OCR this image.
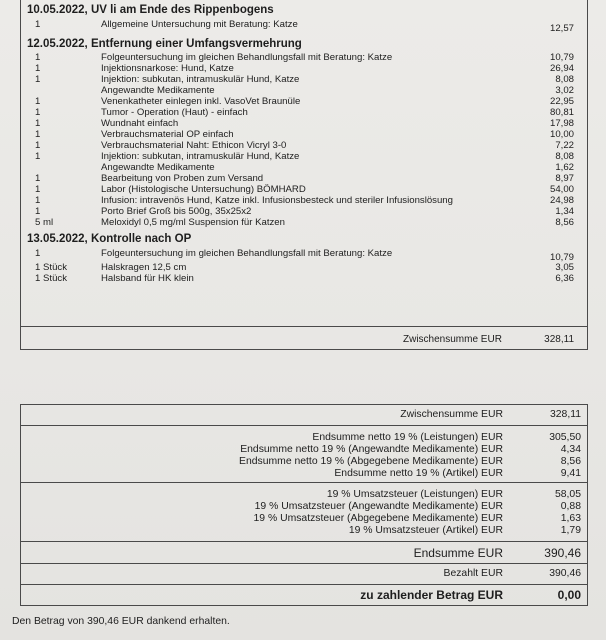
10.05.2022, UV li am Ende des Rippenbogens
1	Allgemeine Untersuchung mit Beratung: Katze	12,57
12.05.2022, Entfernung einer Umfangsvermehrung
1	Folgeuntersuchung im gleichen Behandlungsfall mit Beratung: Katze	10,79
1	Injektionsnarkose: Hund, Katze	26,94
1	Injektion: subkutan, intramuskulär Hund, Katze	8,08
Angewandte Medikamente	3,02
1	Venenkatheter einlegen inkl. VasoVet Braunüle	22,95
1	Tumor - Operation (Haut) - einfach	80,81
1	Wundnaht einfach	17,98
1	Verbrauchsmaterial OP einfach	10,00
1	Verbrauchsmaterial Naht: Ethicon Vicryl 3-0	7,22
1	Injektion: subkutan, intramuskulär Hund, Katze	8,08
Angewandte Medikamente	1,62
1	Bearbeitung von Proben zum Versand	8,97
1	Labor (Histologische Untersuchung) BÖMHARD	54,00
1	Infusion: intravenös Hund, Katze inkl. Infusionsbesteck und steriler Infusionslösung	24,98
1	Porto Brief Groß bis 500g, 35x25x2	1,34
5 ml	Meloxidyl 0,5 mg/ml Suspension für Katzen	8,56
13.05.2022, Kontrolle nach OP
1	Folgeuntersuchung im gleichen Behandlungsfall mit Beratung: Katze	10,79
1 Stück	Halskragen 12,5 cm	3,05
1 Stück	Halsband für HK klein	6,36
Zwischensumme EUR	328,11
Zwischensumme EUR	328,11
Endsumme netto 19 % (Leistungen) EUR	305,50
Endsumme netto 19 % (Angewandte Medikamente) EUR	4,34
Endsumme netto 19 % (Abgegebene Medikamente) EUR	8,56
Endsumme netto 19 % (Artikel) EUR	9,41
19 % Umsatzsteuer (Leistungen) EUR	58,05
19 % Umsatzsteuer (Angewandte Medikamente) EUR	0,88
19 % Umsatzsteuer (Abgegebene Medikamente) EUR	1,63
19 % Umsatzsteuer (Artikel) EUR	1,79
Endsumme EUR	390,46
Bezahlt EUR	390,46
zu zahlender Betrag EUR	0,00
Den Betrag von 390,46 EUR dankend erhalten.
